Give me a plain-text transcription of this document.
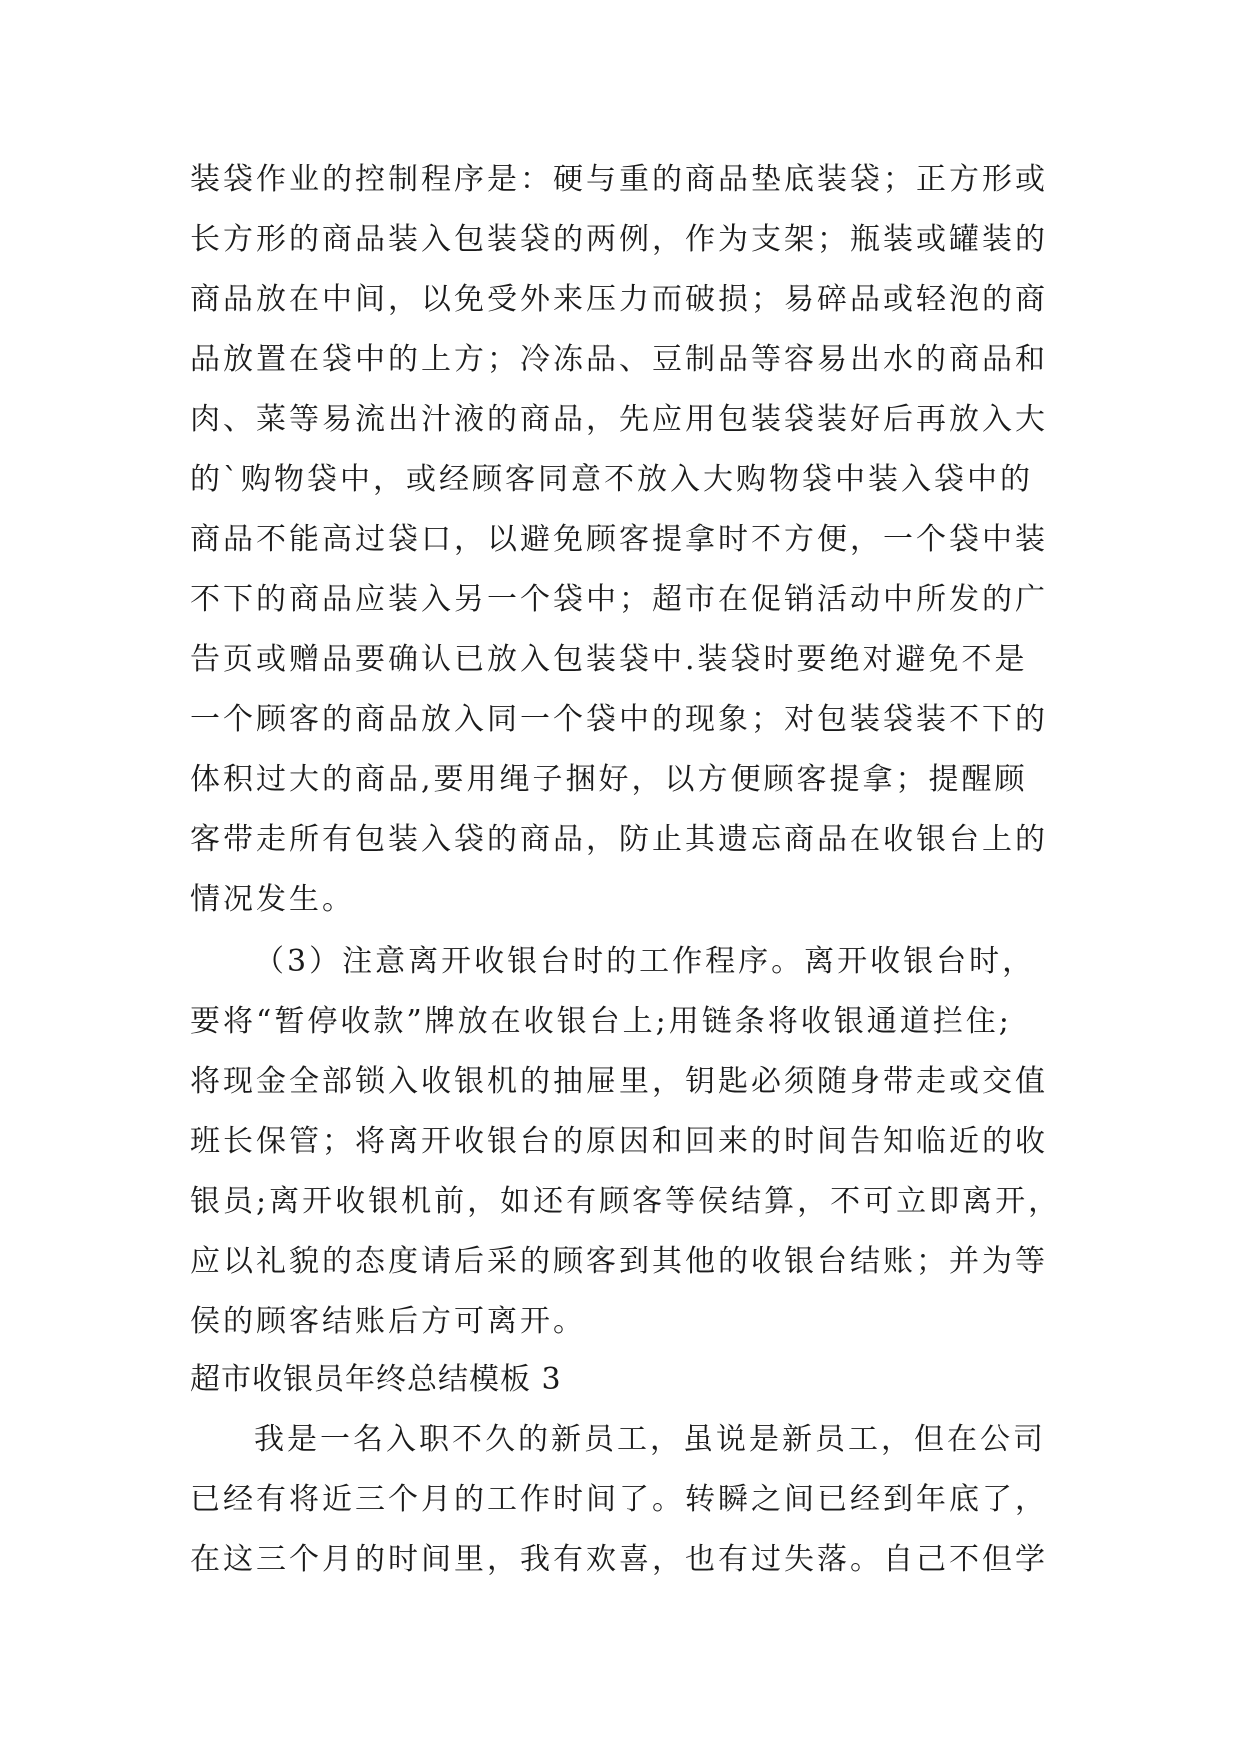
装袋作业的控制程序是：硬与重的商品垫底装袋；正方形或
长方形的商品装入包装袋的两例，作为支架；瓶装或罐装的
商品放在中间，以免受外来压力而破损；易碎品或轻泡的商
品放置在袋中的上方；冷冻品、豆制品等容易出水的商品和
肉、菜等易流出汁液的商品，先应用包装袋装好后再放入大
的`购物袋中，或经顾客同意不放入大购物袋中装入袋中的
商品不能高过袋口，以避免顾客提拿时不方便，一个袋中装
不下的商品应装入另一个袋中；超市在促销活动中所发的广
告页或赠品要确认已放入包装袋中.装袋时要绝对避免不是
一个顾客的商品放入同一个袋中的现象；对包装袋装不下的
体积过大的商品,要用绳子捆好，以方便顾客提拿；提醒顾
客带走所有包装入袋的商品，防止其遗忘商品在收银台上的
情况发生。
（3）注意离开收银台时的工作程序。离开收银台时，
要将“暂停收款”牌放在收银台上;用链条将收银通道拦住;
将现金全部锁入收银机的抽屉里，钥匙必须随身带走或交值
班长保管；将离开收银台的原因和回来的时间告知临近的收
银员;离开收银机前，如还有顾客等侯结算，不可立即离开，
应以礼貌的态度请后采的顾客到其他的收银台结账；并为等
侯的顾客结账后方可离开。
超市收银员年终总结模板 3
我是一名入职不久的新员工，虽说是新员工，但在公司
已经有将近三个月的工作时间了。转瞬之间已经到年底了，
在这三个月的时间里，我有欢喜，也有过失落。自己不但学
